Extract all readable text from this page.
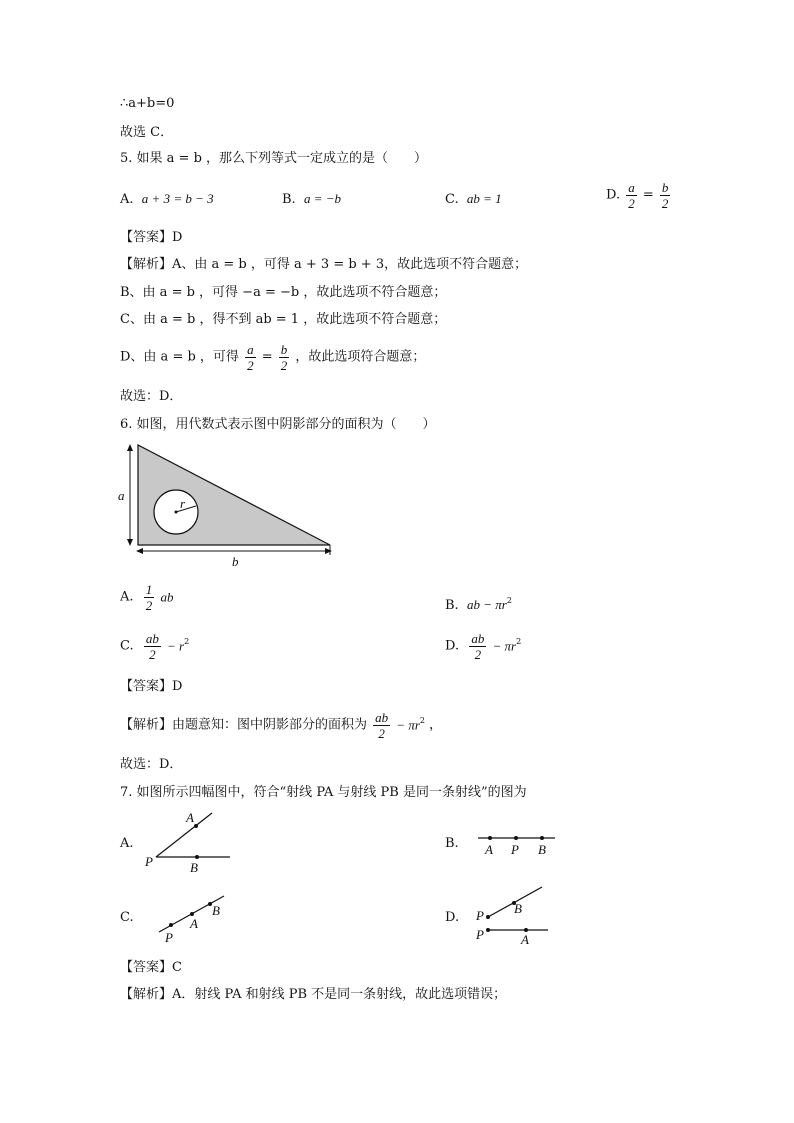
∴a+b=0
故选 C．
5. 如果 a = b ，那么下列等式一定成立的是（　　）
A. a + 3 = b − 3	B. a = −b	C. ab = 1	D. $\frac{a}{2} = \frac{b}{2}$
【答案】D
【解析】A、由 a = b ，可得 a + 3 = b + 3，故此选项不符合题意；
B、由 a = b ，可得 −a = −b ，故此选项不符合题意；
C、由 a = b ，得不到 ab = 1 ，故此选项不符合题意；
D、由 a = b ，可得 $\frac{a}{2} = \frac{b}{2}$ ，故此选项符合题意；
故选：D．
6. 如图，用代数式表示图中阴影部分的面积为（　　）
r
a
b
A. $\frac{1}{2}$ ab
B. ab − $\pi r^2$
C. $\frac{ab}{2} - r^2$	D. $\frac{ab}{2} - \pi r^2$
【答案】D
【解析】由题意知：图中阴影部分的面积为 $\frac{ab}{2} - \pi r^2$ ，
故选：D．
7. 如图所示四幅图中，符合“射线 PA 与射线 PB 是同一条射线”的图为
A.
A
B
P
B. A P B
C.
P
A
B	D. P B
P	A
【答案】C
【解析】A．射线 PA 和射线 PB 不是同一条射线，故此选项错误；
